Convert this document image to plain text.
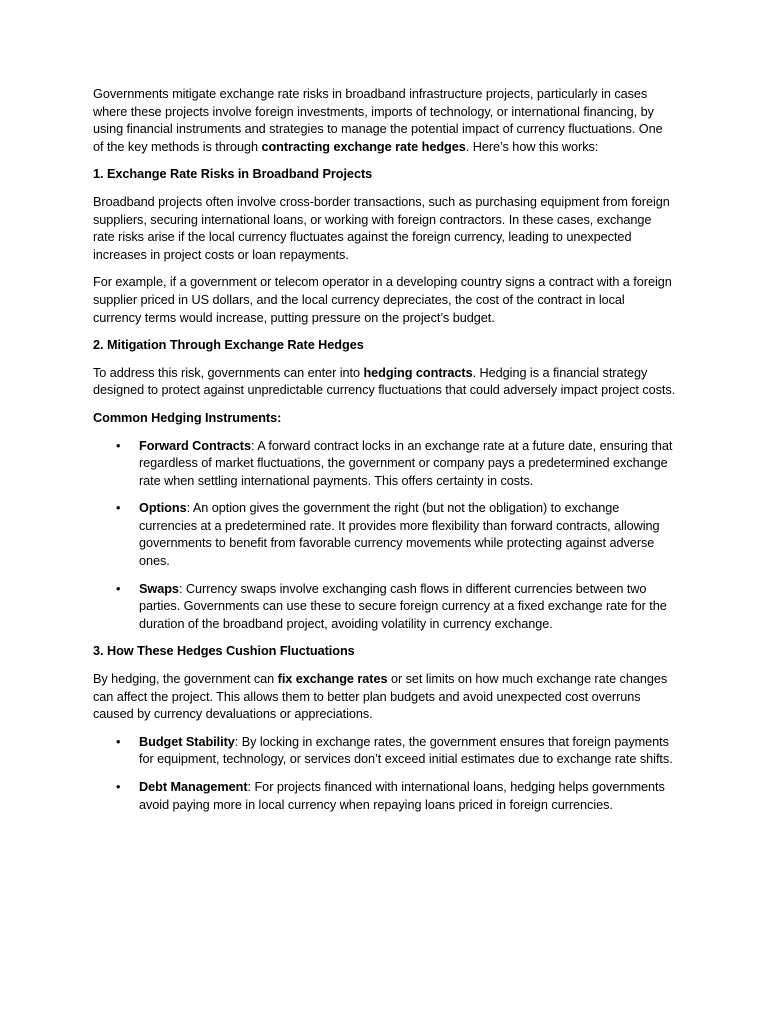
Governments mitigate exchange rate risks in broadband infrastructure projects, particularly in cases where these projects involve foreign investments, imports of technology, or international financing, by using financial instruments and strategies to manage the potential impact of currency fluctuations. One of the key methods is through contracting exchange rate hedges. Here’s how this works:

1. Exchange Rate Risks in Broadband Projects

Broadband projects often involve cross-border transactions, such as purchasing equipment from foreign suppliers, securing international loans, or working with foreign contractors. In these cases, exchange rate risks arise if the local currency fluctuates against the foreign currency, leading to unexpected increases in project costs or loan repayments.

For example, if a government or telecom operator in a developing country signs a contract with a foreign supplier priced in US dollars, and the local currency depreciates, the cost of the contract in local currency terms would increase, putting pressure on the project’s budget.

2. Mitigation Through Exchange Rate Hedges

To address this risk, governments can enter into hedging contracts. Hedging is a financial strategy designed to protect against unpredictable currency fluctuations that could adversely impact project costs.

Common Hedging Instruments:

• Forward Contracts: A forward contract locks in an exchange rate at a future date, ensuring that regardless of market fluctuations, the government or company pays a predetermined exchange rate when settling international payments. This offers certainty in costs.
• Options: An option gives the government the right (but not the obligation) to exchange currencies at a predetermined rate. It provides more flexibility than forward contracts, allowing governments to benefit from favorable currency movements while protecting against adverse ones.
• Swaps: Currency swaps involve exchanging cash flows in different currencies between two parties. Governments can use these to secure foreign currency at a fixed exchange rate for the duration of the broadband project, avoiding volatility in currency exchange.

3. How These Hedges Cushion Fluctuations

By hedging, the government can fix exchange rates or set limits on how much exchange rate changes can affect the project. This allows them to better plan budgets and avoid unexpected cost overruns caused by currency devaluations or appreciations.

• Budget Stability: By locking in exchange rates, the government ensures that foreign payments for equipment, technology, or services don’t exceed initial estimates due to exchange rate shifts.
• Debt Management: For projects financed with international loans, hedging helps governments avoid paying more in local currency when repaying loans priced in foreign currencies.
